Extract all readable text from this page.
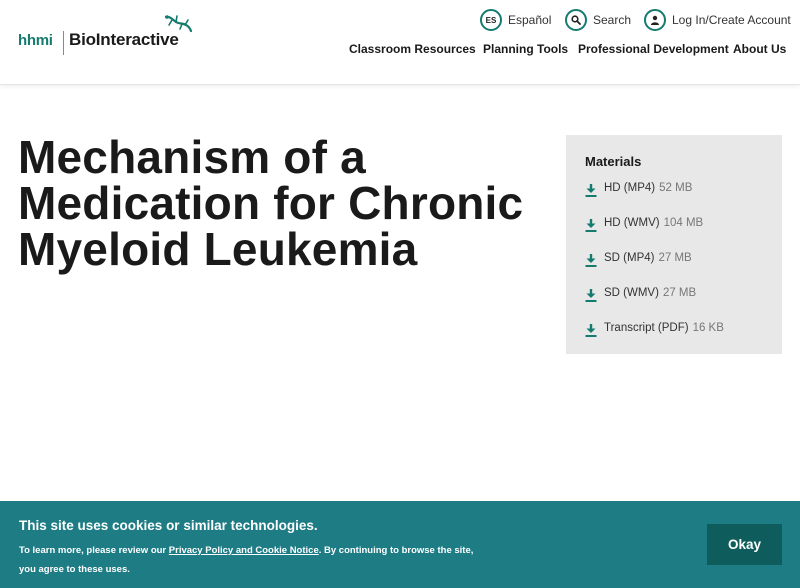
hhmi BioInteractive
ES Español	Search	Log In/Create Account
Classroom Resources Planning Tools Professional Development About Us
Mechanism of a
Medication for Chronic
Myeloid Leukemia
Materials
HD (MP4) 52 MB
HD (WMV) 104 MB
SD (MP4) 27 MB
SD (WMV) 27 MB
Transcript (PDF) 16 KB
This site uses cookies or similar technologies.
To learn more, please review our Privacy Policy and Cookie Notice. By continuing to browse the site, you agree to these uses.
Okay
